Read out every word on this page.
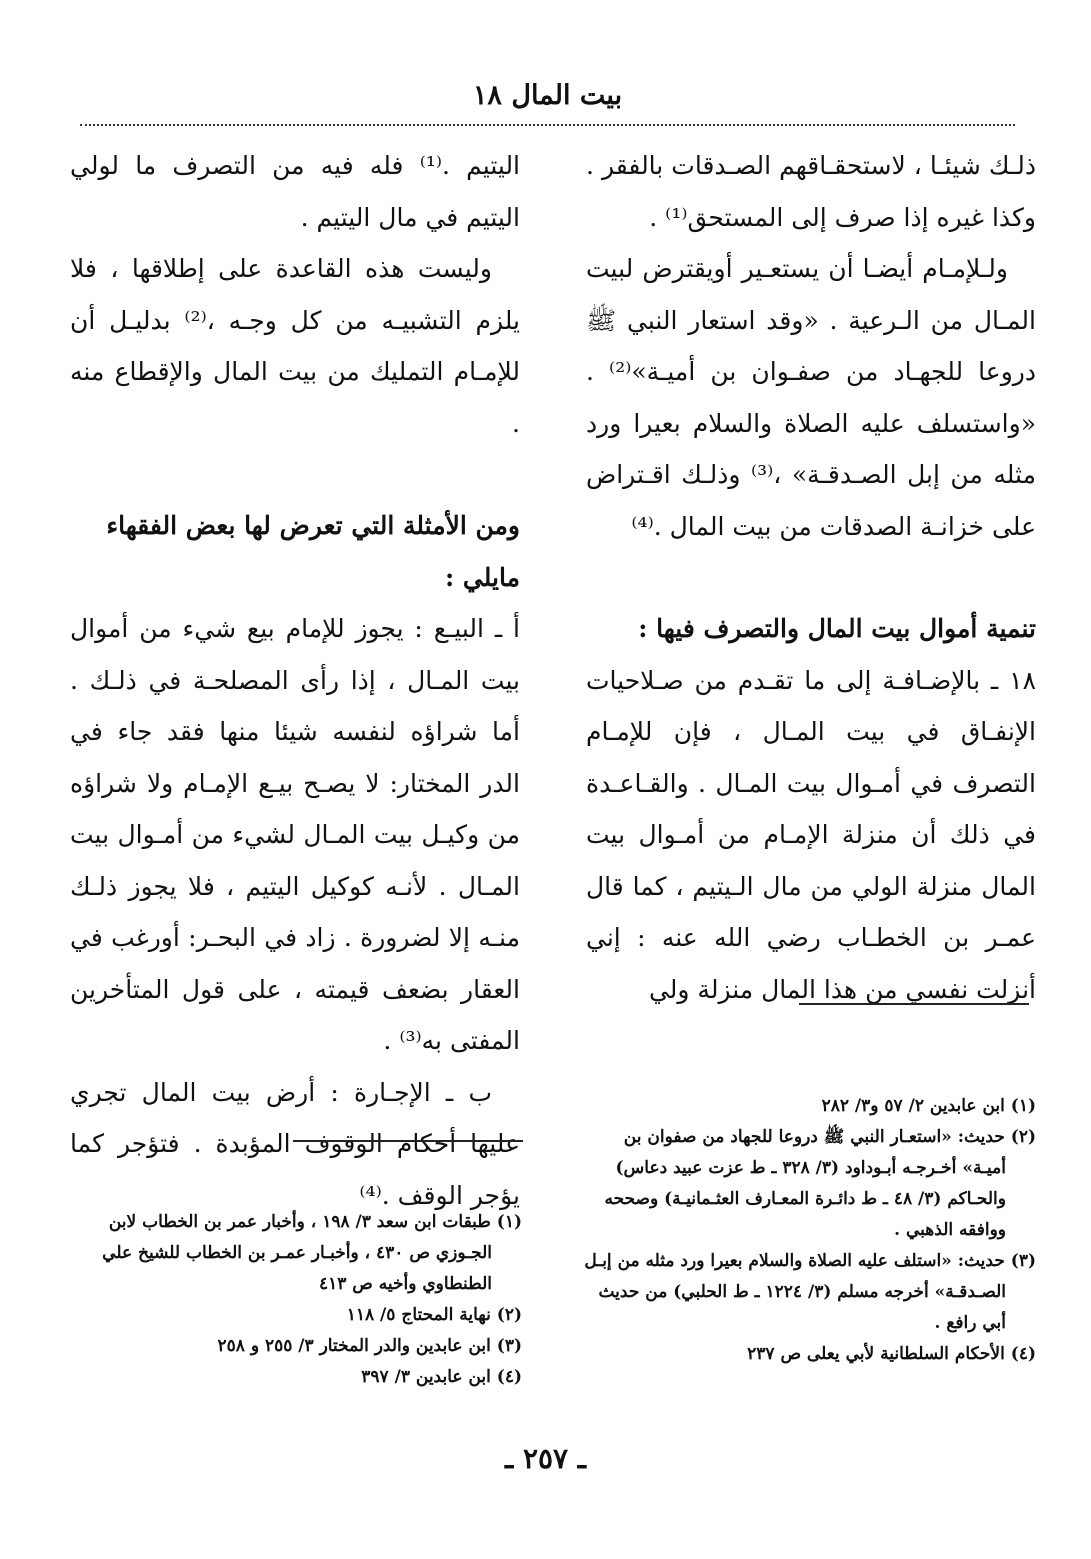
بيت المال ١٨

ذلـك شيئـا ، لاستحقـاقهم الصـدقات بالفقر . وكذا غيره إذا صرف إلى المستحق⁽¹⁾ .

ولـلإمـام أيضـا أن يستعـير أويقترض لبيت المـال من الـرعية . «وقد استعار النبي ﷺ دروعا للجهـاد من صفـوان بن أميـة»⁽²⁾ . «واستسلف عليه الصلاة والسلام بعيرا ورد مثله من إبل الصـدقـة» ،⁽³⁾ وذلـك اقـتراض على خزانـة الصدقات من بيت المال .⁽⁴⁾

تنمية أموال بيت المال والتصرف فيها :

١٨ ـ بالإضـافـة إلى ما تقـدم من صـلاحيات الإنفـاق في بيت المـال ، فإن للإمـام التصرف في أمـوال بيت المـال . والقـاعـدة في ذلك أن منزلة الإمـام من أمـوال بيت المال منزلة الولي من مال الـيتيم ، كما قال عمـر بن الخطـاب رضي الله عنه : إني أنزلت نفسي من هذا المال منزلة ولي

اليتيم .⁽¹⁾ فله فيه من التصرف ما لولي اليتيم في مال اليتيم .

وليست هذه القاعدة على إطلاقها ، فلا يلزم التشبيـه من كل وجـه ،⁽²⁾ بدليـل أن للإمـام التمليك من بيت المال والإقطاع منه .

ومن الأمثلة التي تعرض لها بعض الفقهاء مايلي :

أ ـ البيـع : يجوز للإمام بيع شيء من أموال بيت المـال ، إذا رأى المصلحـة في ذلـك . أما شراؤه لنفسه شيئا منها فقد جاء في الدر المختار: لا يصـح بيـع الإمـام ولا شراؤه من وكيـل بيت المـال لشيء من أمـوال بيت المـال . لأنـه كوكيل اليتيم ، فلا يجوز ذلـك منـه إلا لضرورة . زاد في البحـر: أورغب في العقار بضعف قيمته ، على قول المتأخرين المفتى به⁽³⁾ .

ب ـ الإجـارة : أرض بيت المال تجري عليها أحكام الوقوف المؤبدة . فتؤجر كما يؤجر الوقف .⁽⁴⁾

(١) ابن عابدين ٢/ ٥٧ و٣/ ٢٨٢

(٢) حديث: «استعـار النبي ﷺ دروعا للجهاد من صفوان بن أميـة» أخـرجـه أبـوداود (٣/ ٣٢٨ ـ ط عزت عبيد دعاس) والحـاكم (٣/ ٤٨ ـ ط دائـرة المعـارف العثـمانيـة) وصححه ووافقه الذهبي .

(٣) حديث: «استلف عليه الصلاة والسلام بعيرا ورد مثله من إبـل الصـدقـة» أخرجه مسلم (٣/ ١٢٢٤ ـ ط الحلبي) من حديث أبي رافع .

(٤) الأحكام السلطانية لأبي يعلى ص ٢٣٧

(١) طبقات ابن سعد ٣/ ١٩٨ ، وأخبار عمر بن الخطاب لابن الجـوزي ص ٤٣٠ ، وأخبـار عمـر بن الخطاب للشيخ علي الطنطاوي وأخيه ص ٤١٣

(٢) نهاية المحتاج ٥/ ١١٨

(٣) ابن عابدين والدر المختار ٣/ ٢٥٥ و ٢٥٨

(٤) ابن عابدين ٣/ ٣٩٧

ـ ٢٥٧ ـ
